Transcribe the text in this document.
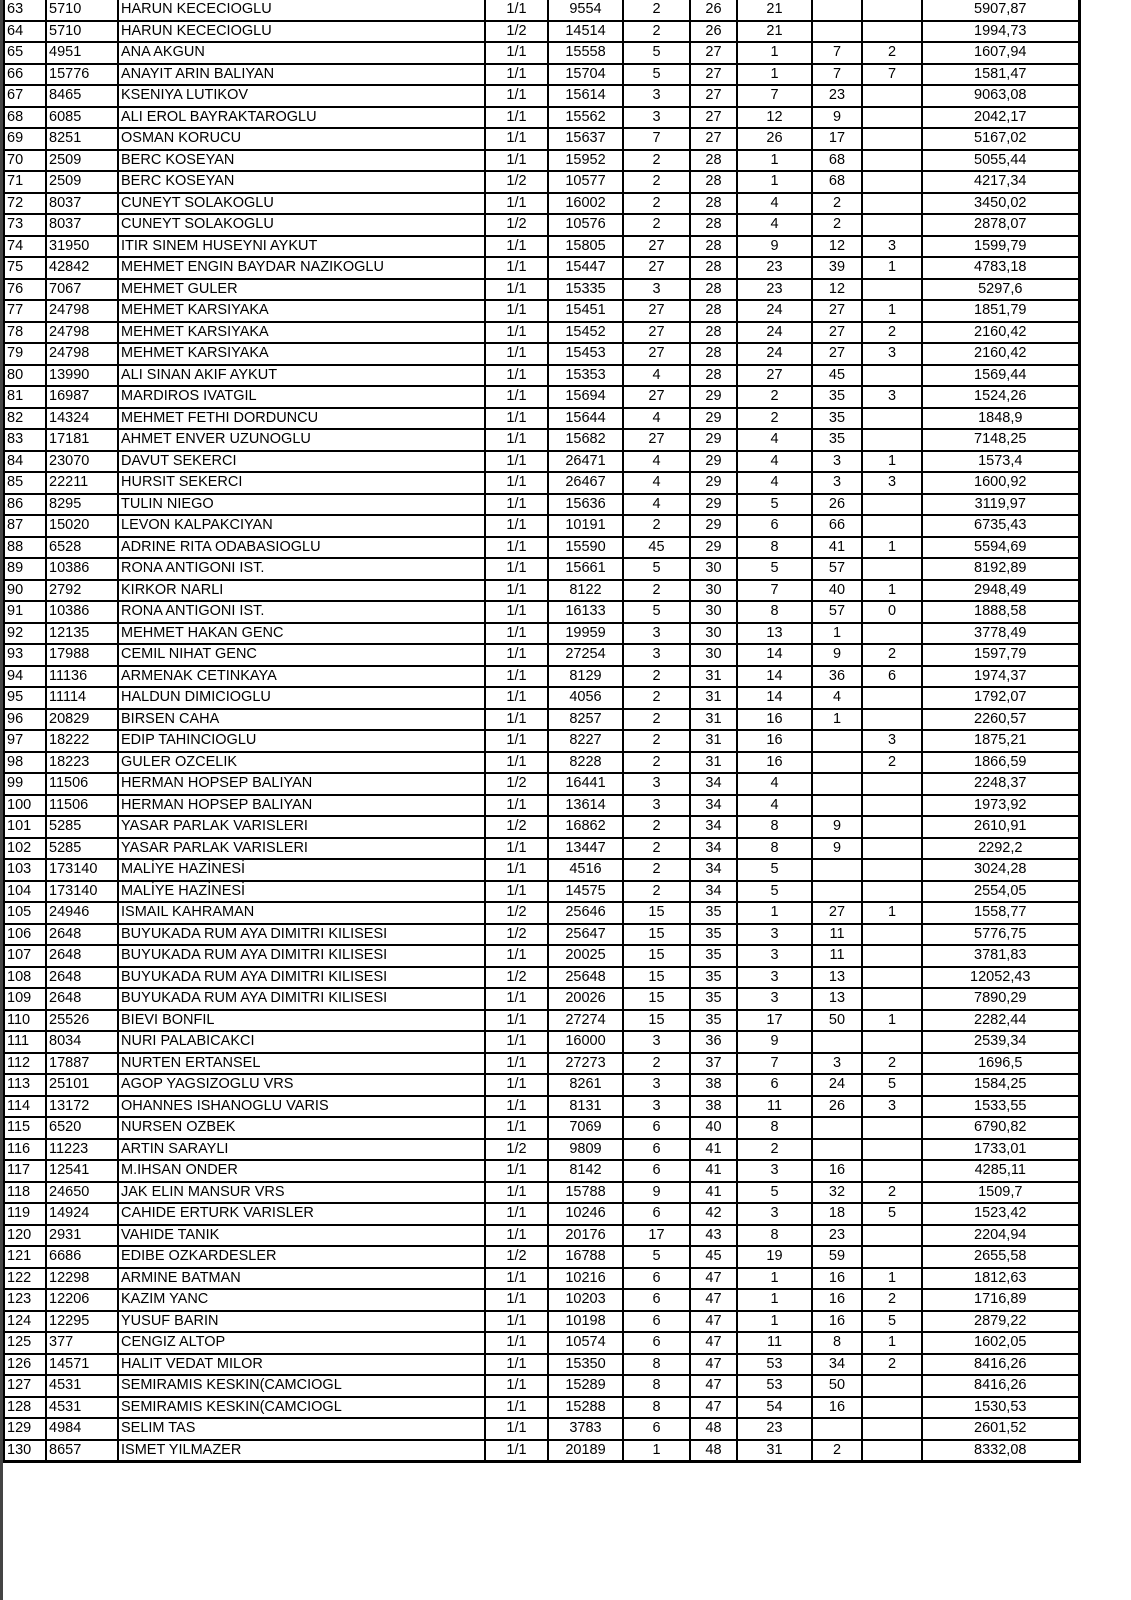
63	5710	HARUN KECECIOGLU	1/1	9554	2	26	21			5907,87
64	5710	HARUN KECECIOGLU	1/2	14514	2	26	21			1994,73
65	4951	ANA AKGUN	1/1	15558	5	27	1	7	2	1607,94
66	15776	ANAYIT ARIN BALIYAN	1/1	15704	5	27	1	7	7	1581,47
67	8465	KSENIYA LUTIKOV	1/1	15614	3	27	7	23		9063,08
68	6085	ALI EROL BAYRAKTAROGLU	1/1	15562	3	27	12	9		2042,17
69	8251	OSMAN KORUCU	1/1	15637	7	27	26	17		5167,02
70	2509	BERC KOSEYAN	1/1	15952	2	28	1	68		5055,44
71	2509	BERC KOSEYAN	1/2	10577	2	28	1	68		4217,34
72	8037	CUNEYT SOLAKOGLU	1/1	16002	2	28	4	2		3450,02
73	8037	CUNEYT SOLAKOGLU	1/2	10576	2	28	4	2		2878,07
74	31950	ITIR SINEM HUSEYNI AYKUT	1/1	15805	27	28	9	12	3	1599,79
75	42842	MEHMET ENGIN BAYDAR NAZIKOGLU	1/1	15447	27	28	23	39	1	4783,18
76	7067	MEHMET GULER	1/1	15335	3	28	23	12		5297,6
77	24798	MEHMET KARSIYAKA	1/1	15451	27	28	24	27	1	1851,79
78	24798	MEHMET KARSIYAKA	1/1	15452	27	28	24	27	2	2160,42
79	24798	MEHMET KARSIYAKA	1/1	15453	27	28	24	27	3	2160,42
80	13990	ALI SINAN AKIF AYKUT	1/1	15353	4	28	27	45		1569,44
81	16987	MARDIROS IVATGIL	1/1	15694	27	29	2	35	3	1524,26
82	14324	MEHMET FETHI DORDUNCU	1/1	15644	4	29	2	35		1848,9
83	17181	AHMET ENVER UZUNOGLU	1/1	15682	27	29	4	35		7148,25
84	23070	DAVUT SEKERCI	1/1	26471	4	29	4	3	1	1573,4
85	22211	HURSIT SEKERCI	1/1	26467	4	29	4	3	3	1600,92
86	8295	TULIN NIEGO	1/1	15636	4	29	5	26		3119,97
87	15020	LEVON KALPAKCIYAN	1/1	10191	2	29	6	66		6735,43
88	6528	ADRINE RITA ODABASIOGLU	1/1	15590	45	29	8	41	1	5594,69
89	10386	RONA ANTIGONI IST.	1/1	15661	5	30	5	57		8192,89
90	2792	KIRKOR NARLI	1/1	8122	2	30	7	40	1	2948,49
91	10386	RONA ANTIGONI IST.	1/1	16133	5	30	8	57	0	1888,58
92	12135	MEHMET HAKAN GENC	1/1	19959	3	30	13	1		3778,49
93	17988	CEMIL NIHAT GENC	1/1	27254	3	30	14	9	2	1597,79
94	11136	ARMENAK CETINKAYA	1/1	8129	2	31	14	36	6	1974,37
95	11114	HALDUN DIMICIOGLU	1/1	4056	2	31	14	4		1792,07
96	20829	BIRSEN CAHA	1/1	8257	2	31	16	1		2260,57
97	18222	EDIP TAHINCIOGLU	1/1	8227	2	31	16		3	1875,21
98	18223	GULER OZCELIK	1/1	8228	2	31	16		2	1866,59
99	11506	HERMAN HOPSEP BALIYAN	1/2	16441	3	34	4			2248,37
100	11506	HERMAN HOPSEP BALIYAN	1/1	13614	3	34	4			1973,92
101	5285	YASAR PARLAK VARISLERI	1/2	16862	2	34	8	9		2610,91
102	5285	YASAR PARLAK VARISLERI	1/1	13447	2	34	8	9		2292,2
103	173140	MALİYE HAZİNESİ	1/1	4516	2	34	5			3024,28
104	173140	MALİYE HAZİNESİ	1/1	14575	2	34	5			2554,05
105	24946	ISMAIL KAHRAMAN	1/2	25646	15	35	1	27	1	1558,77
106	2648	BUYUKADA RUM AYA DIMITRI KILISESI	1/2	25647	15	35	3	11		5776,75
107	2648	BUYUKADA RUM AYA DIMITRI KILISESI	1/1	20025	15	35	3	11		3781,83
108	2648	BUYUKADA RUM AYA DIMITRI KILISESI	1/2	25648	15	35	3	13		12052,43
109	2648	BUYUKADA RUM AYA DIMITRI KILISESI	1/1	20026	15	35	3	13		7890,29
110	25526	BIEVI BONFIL	1/1	27274	15	35	17	50	1	2282,44
111	8034	NURI PALABICAKCI	1/1	16000	3	36	9			2539,34
112	17887	NURTEN ERTANSEL	1/1	27273	2	37	7	3	2	1696,5
113	25101	AGOP YAGSIZOGLU VRS	1/1	8261	3	38	6	24	5	1584,25
114	13172	OHANNES ISHANOGLU VARIS	1/1	8131	3	38	11	26	3	1533,55
115	6520	NURSEN OZBEK	1/1	7069	6	40	8			6790,82
116	11223	ARTIN SARAYLI	1/2	9809	6	41	2			1733,01
117	12541	M.IHSAN ONDER	1/1	8142	6	41	3	16		4285,11
118	24650	JAK ELIN MANSUR VRS	1/1	15788	9	41	5	32	2	1509,7
119	14924	CAHIDE ERTURK VARISLER	1/1	10246	6	42	3	18	5	1523,42
120	2931	VAHIDE TANIK	1/1	20176	17	43	8	23		2204,94
121	6686	EDIBE OZKARDESLER	1/2	16788	5	45	19	59		2655,58
122	12298	ARMINE BATMAN	1/1	10216	6	47	1	16	1	1812,63
123	12206	KAZIM YANC	1/1	10203	6	47	1	16	2	1716,89
124	12295	YUSUF BARIN	1/1	10198	6	47	1	16	5	2879,22
125	377	CENGIZ ALTOP	1/1	10574	6	47	11	8	1	1602,05
126	14571	HALIT VEDAT MILOR	1/1	15350	8	47	53	34	2	8416,26
127	4531	SEMIRAMIS KESKIN(CAMCIOGL	1/1	15289	8	47	53	50		8416,26
128	4531	SEMIRAMIS KESKIN(CAMCIOGL	1/1	15288	8	47	54	16		1530,53
129	4984	SELIM TAS	1/1	3783	6	48	23			2601,52
130	8657	ISMET YILMAZER	1/1	20189	1	48	31	2		8332,08
